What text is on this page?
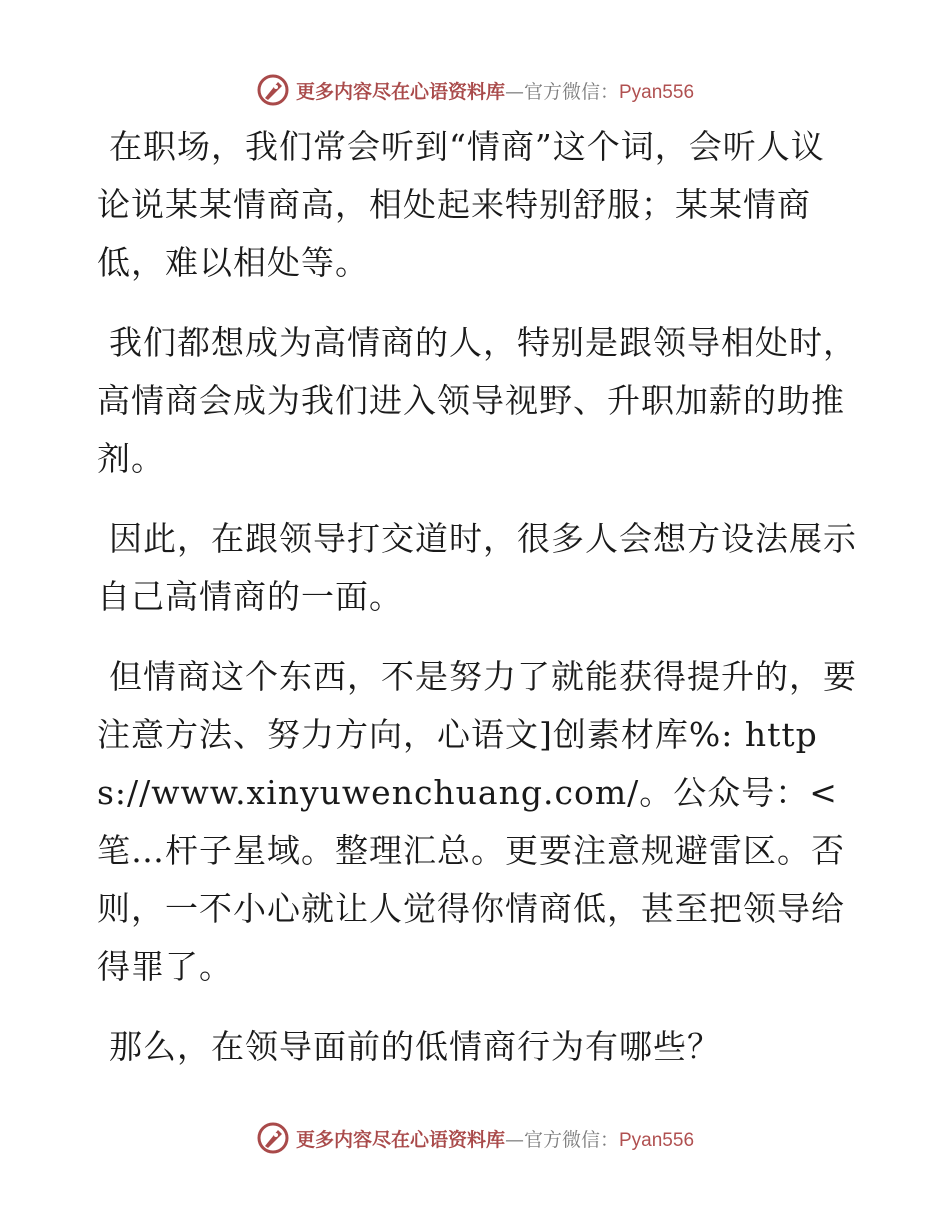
更多内容尽在心语资料库—官方微信：Pyan556

在职场，我们常会听到“情商”这个词，会听人议论说某某情商高，相处起来特别舒服；某某情商低，难以相处等。

我们都想成为高情商的人，特别是跟领导相处时，高情商会成为我们进入领导视野、升职加薪的助推剂。

因此，在跟领导打交道时，很多人会想方设法展示自己高情商的一面。

但情商这个东西，不是努力了就能获得提升的，要注意方法、努力方向，心语文]创素材库%: https://www.xinyuwenchuang.com/。公众号：<笔…杆子星域。整理汇总。更要注意规避雷区。否则，一不小心就让人觉得你情商低，甚至把领导给得罪了。

那么，在领导面前的低情商行为有哪些？

更多内容尽在心语资料库—官方微信：Pyan556
